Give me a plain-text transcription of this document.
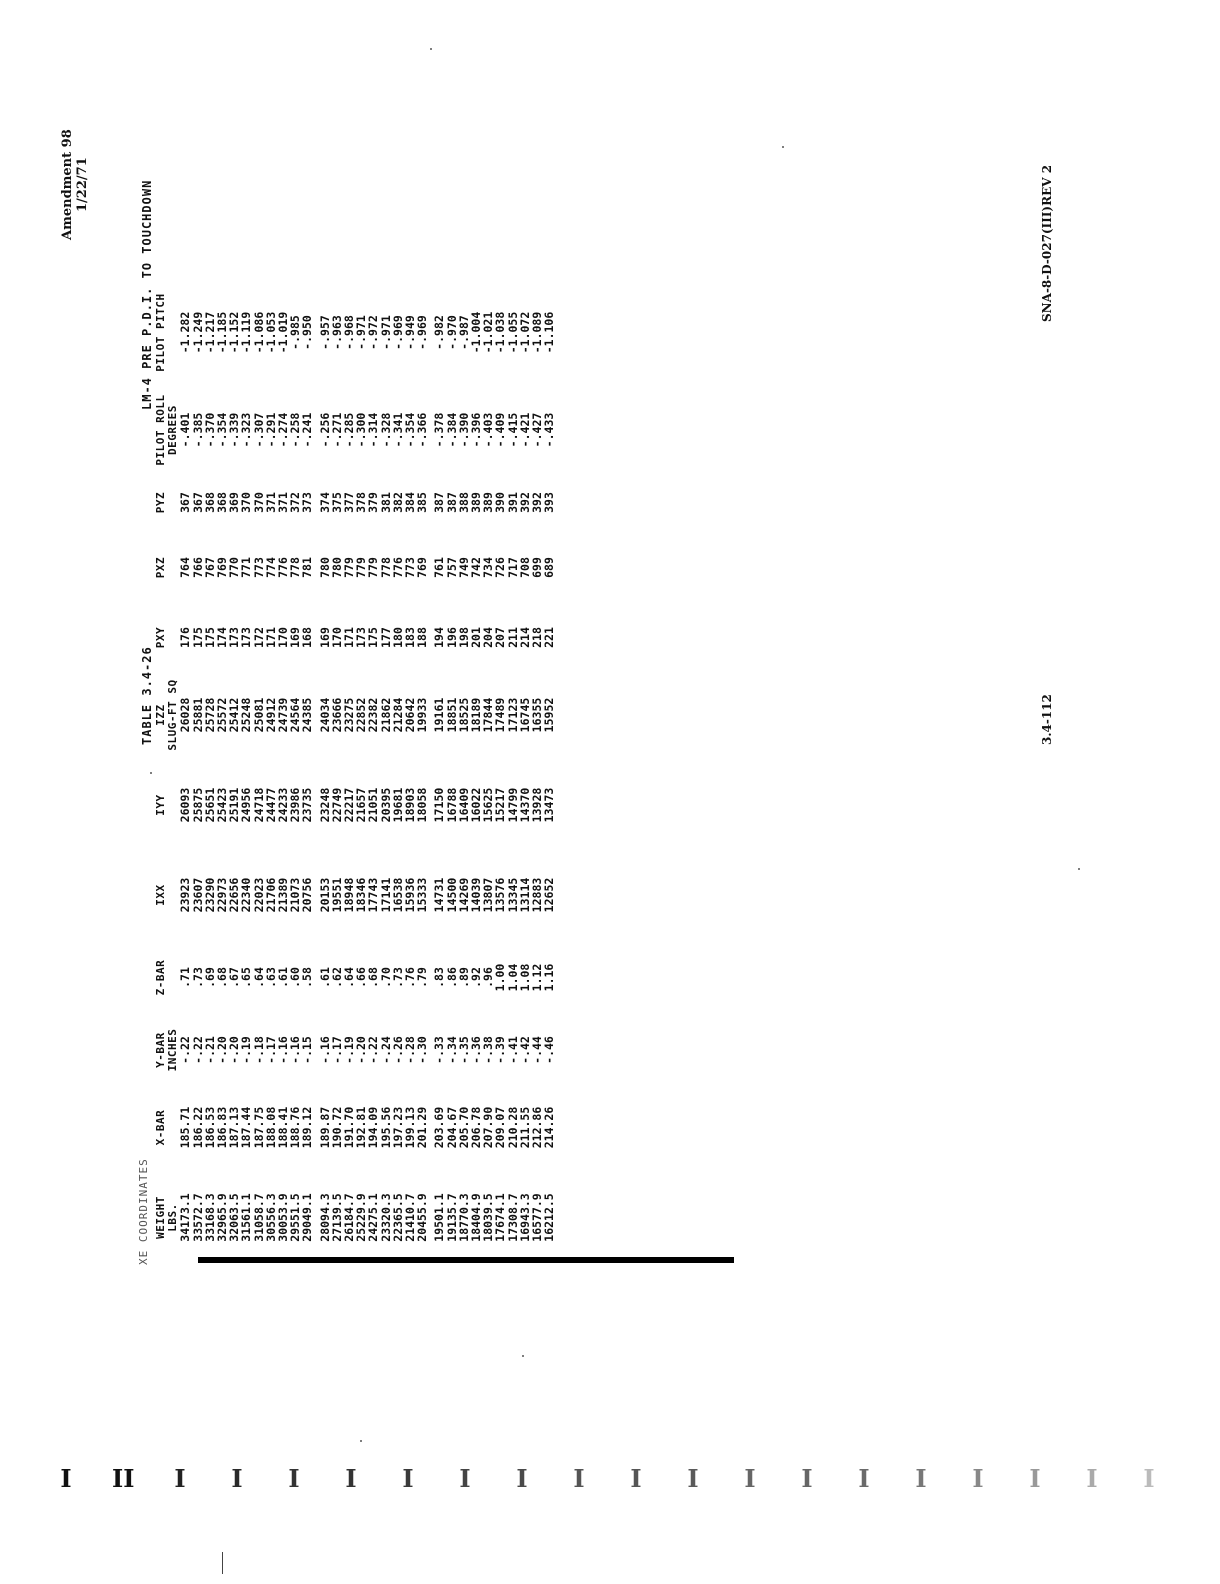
Amendment 98 1/22/71	SNA-8-D-027(III)REV 2
3.4-112
XE COORDINATES
TABLE 3.4-26
LM-4 PRE P.D.I. TO TOUCHDOWN
WEIGHT	X-BAR	Y-BAR	Z-BAR	IXX	IYY	IZZ	PXY	PXZ	PYZ	PILOT ROLL	PILOT PITCH
LBS.		INCHES				SLUG-FT SQ				DEGREES	
34173.1	185.71	-.22	.71	23923	26093	26028	176	764	367	-.401	-1.282
33572.7	186.22	-.22	.73	23607	25875	25881	175	766	367	-.385	-1.249
33168.3	186.53	-.21	.69	23290	25651	25728	175	767	368	-.370	-1.217
32965.9	186.83	-.20	.68	22973	25423	25572	174	769	368	-.354	-1.185
32063.5	187.13	-.20	.67	22656	25191	25412	173	770	369	-.339	-1.152
31561.1	187.44	-.19	.65	22340	24956	25248	173	771	370	-.323	-1.119
31058.7	187.75	-.18	.64	22023	24718	25081	172	773	370	-.307	-1.086
30556.3	188.08	-.17	.63	21706	24477	24912	171	774	371	-.291	-1.053
30053.9	188.41	-.16	.61	21389	24233	24739	170	776	371	-.274	-1.019
29551.5	188.76	-.16	.60	21073	23986	24564	169	778	372	-.258	-.985
29049.1	189.12	-.15	.58	20756	23735	24385	168	781	373	-.241	-.950

28094.3	189.87	-.16	.61	20153	23248	24034	169	780	374	-.256	-.957
27139.5	190.72	-.17	.62	19551	22749	23666	170	780	375	-.271	-.963
26184.7	191.70	-.19	.64	18948	22217	23275	171	779	377	-.285	-.968
25229.9	192.81	-.20	.66	18346	21657	22852	173	779	378	-.300	-.971
24275.1	194.09	-.22	.68	17743	21051	22382	175	779	379	-.314	-.972
23320.3	195.56	-.24	.70	17141	20395	21862	177	778	381	-.328	-.971
22365.5	197.23	-.26	.73	16538	19681	21284	180	776	382	-.341	-.969
21410.7	199.13	-.28	.76	15936	18903	20642	183	773	384	-.354	-.949
20455.9	201.29	-.30	.79	15333	18058	19933	188	769	385	-.366	-.969

19501.1	203.69	-.33	.83	14731	17150	19161	194	761	387	-.378	-.982
19135.7	204.67	-.34	.86	14500	16788	18851	196	757	387	-.384	-.970
18770.3	205.70	-.35	.89	14269	16409	18525	198	749	388	-.390	-.987
18404.9	206.78	-.36	.92	14039	16022	18189	201	742	389	-.396	-1.004
18039.5	207.90	-.38	.96	13807	15625	17844	204	734	389	-.403	-1.021
17674.1	209.07	-.39	1.00	13576	15217	17489	207	726	390	-.409	-1.038
17308.7	210.28	-.41	1.04	13345	14799	17123	211	717	391	-.415	-1.055
16943.3	211.55	-.42	1.08	13114	14370	16745	214	708	392	-.421	-1.072
16577.9	212.86	-.44	1.12	12883	13928	16355	218	699	392	-.427	-1.089
16212.5	214.26	-.46	1.16	12652	13473	15952	221	689	393	-.433	-1.106
I II I I I I I I I I I I I I I I I I I I
